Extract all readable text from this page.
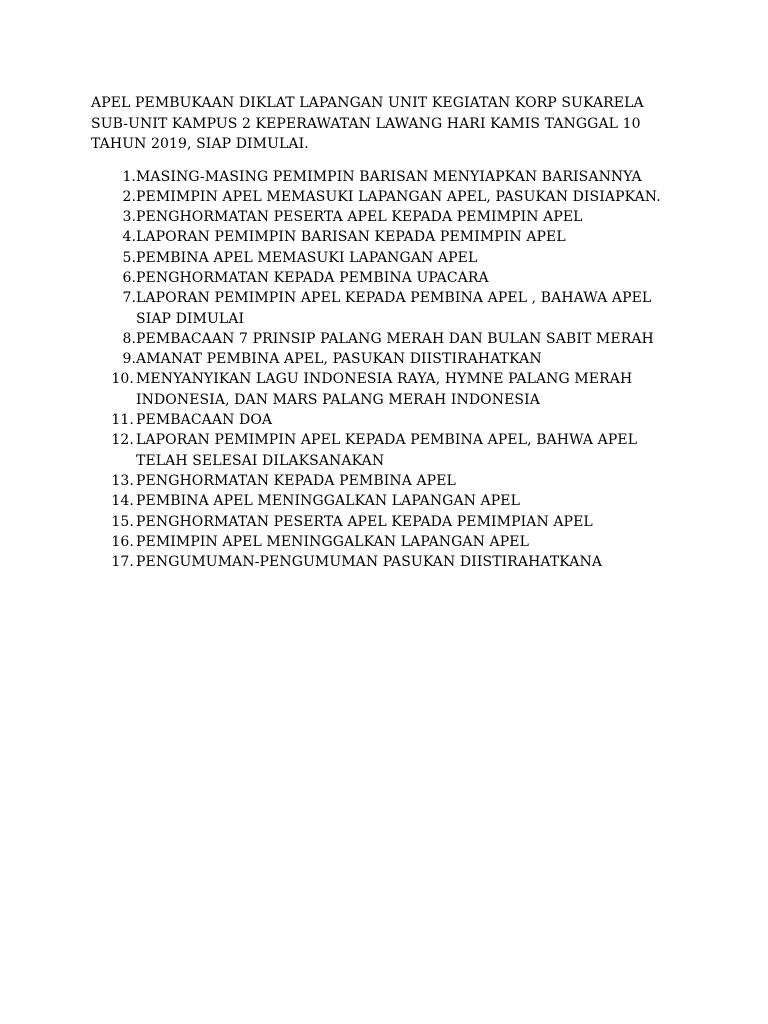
APEL PEMBUKAAN DIKLAT LAPANGAN UNIT KEGIATAN KORP SUKARELA
SUB-UNIT KAMPUS 2 KEPERAWATAN LAWANG HARI KAMIS TANGGAL 10
TAHUN 2019, SIAP DIMULAI.

1. MASING-MASING PEMIMPIN BARISAN MENYIAPKAN BARISANNYA
2. PEMIMPIN APEL MEMASUKI LAPANGAN APEL, PASUKAN DISIAPKAN.
3. PENGHORMATAN PESERTA APEL KEPADA PEMIMPIN APEL
4. LAPORAN PEMIMPIN BARISAN KEPADA PEMIMPIN APEL
5. PEMBINA APEL MEMASUKI LAPANGAN APEL
6. PENGHORMATAN KEPADA PEMBINA UPACARA
7. LAPORAN PEMIMPIN APEL KEPADA PEMBINA APEL , BAHAWA APEL
SIAP DIMULAI
8. PEMBACAAN 7 PRINSIP PALANG MERAH DAN BULAN SABIT MERAH
9. AMANAT PEMBINA APEL, PASUKAN DIISTIRAHATKAN
10. MENYANYIKAN LAGU INDONESIA RAYA, HYMNE PALANG MERAH
INDONESIA, DAN MARS PALANG MERAH INDONESIA
11. PEMBACAAN DOA
12. LAPORAN PEMIMPIN APEL KEPADA PEMBINA APEL, BAHWA APEL
TELAH SELESAI DILAKSANAKAN
13. PENGHORMATAN KEPADA PEMBINA APEL
14. PEMBINA APEL MENINGGALKAN LAPANGAN APEL
15. PENGHORMATAN PESERTA APEL KEPADA PEMIMPIAN APEL
16. PEMIMPIN APEL MENINGGALKAN LAPANGAN APEL
17. PENGUMUMAN-PENGUMUMAN PASUKAN DIISTIRAHATKANA
